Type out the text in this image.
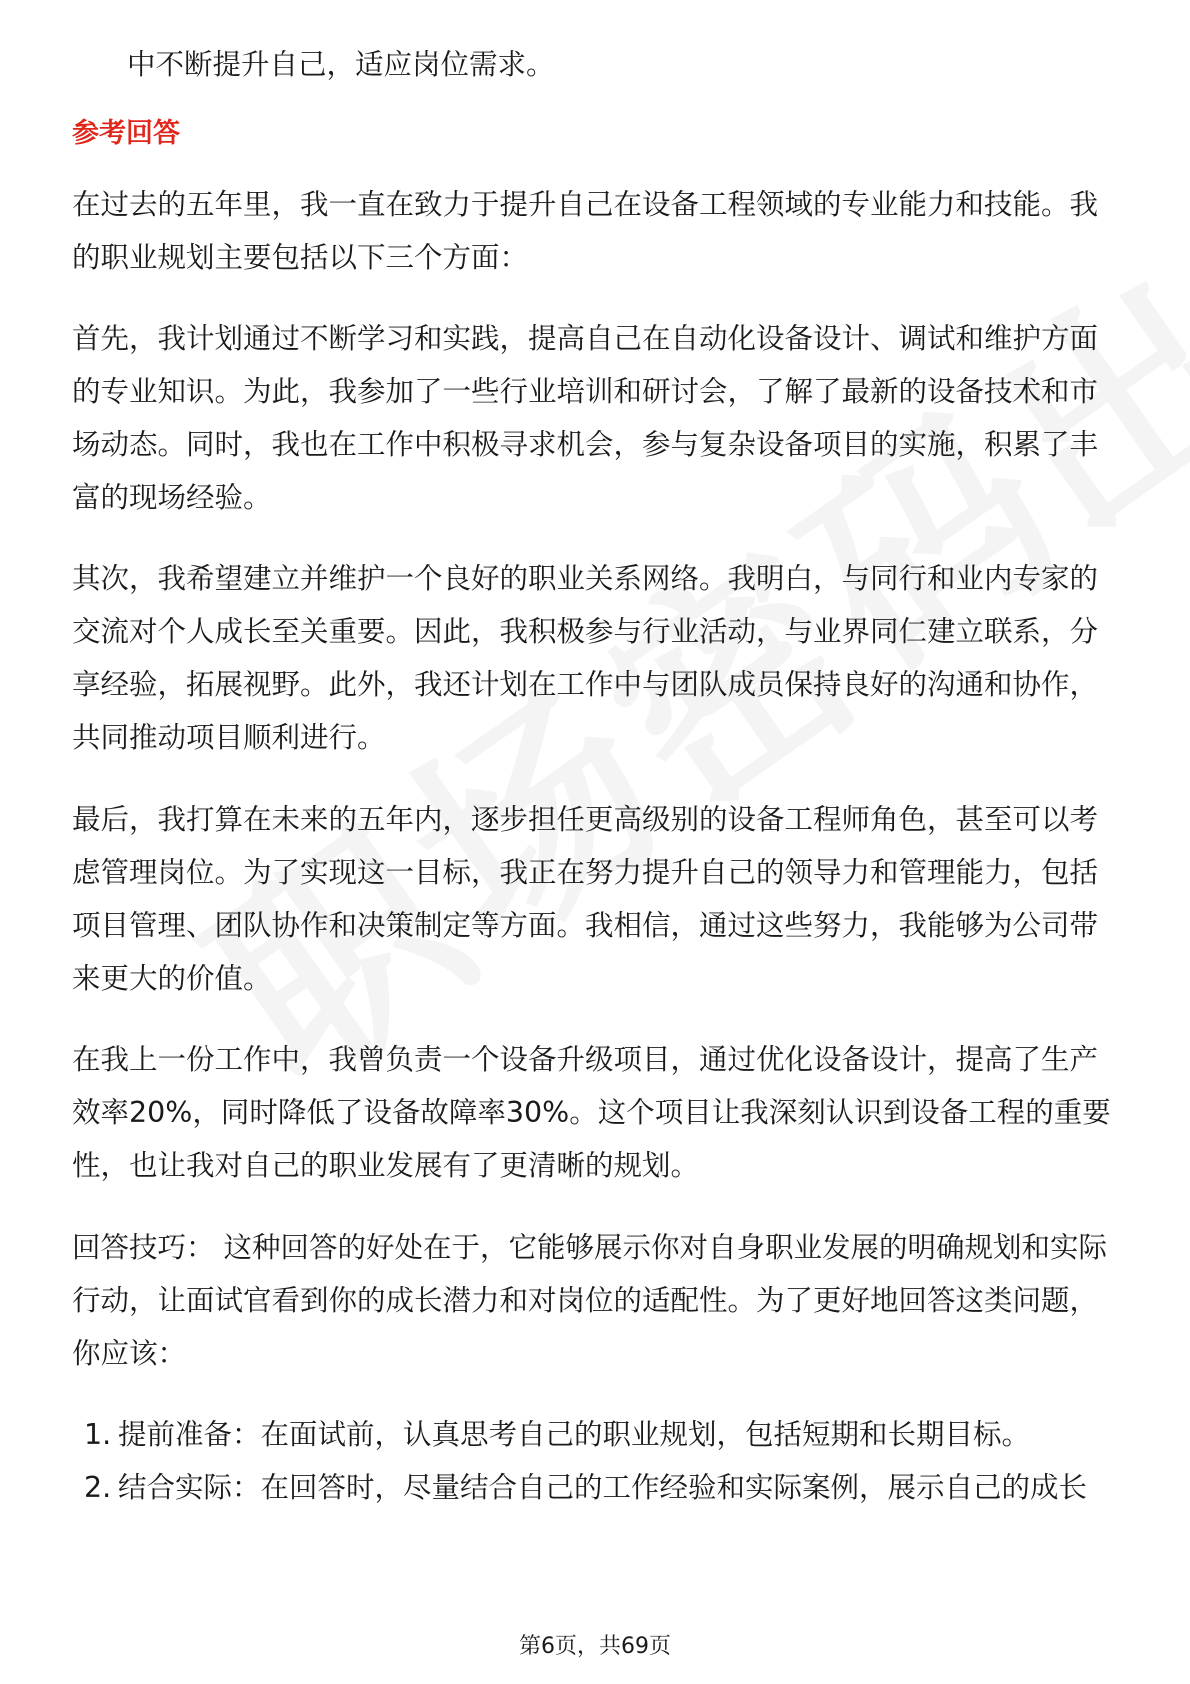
中不断提升自己，适应岗位需求。
参考回答
在过去的五年里，我一直在致力于提升自己在设备工程领域的专业能力和技能。我
的职业规划主要包括以下三个方面：
首先，我计划通过不断学习和实践，提高自己在自动化设备设计、调试和维护方面
的专业知识。为此，我参加了一些行业培训和研讨会，了解了最新的设备技术和市
场动态。同时，我也在工作中积极寻求机会，参与复杂设备项目的实施，积累了丰
富的现场经验。
其次，我希望建立并维护一个良好的职业关系网络。我明白，与同行和业内专家的
交流对个人成长至关重要。因此，我积极参与行业活动，与业界同仁建立联系，分
享经验，拓展视野。此外，我还计划在工作中与团队成员保持良好的沟通和协作，
共同推动项目顺利进行。
最后，我打算在未来的五年内，逐步担任更高级别的设备工程师角色，甚至可以考
虑管理岗位。为了实现这一目标，我正在努力提升自己的领导力和管理能力，包括
项目管理、团队协作和决策制定等方面。我相信，通过这些努力，我能够为公司带
来更大的价值。
在我上一份工作中，我曾负责一个设备升级项目，通过优化设备设计，提高了生产
效率20%，同时降低了设备故障率30%。这个项目让我深刻认识到设备工程的重要
性，也让我对自己的职业发展有了更清晰的规划。
回答技巧： 这种回答的好处在于，它能够展示你对自身职业发展的明确规划和实际
行动，让面试官看到你的成长潜力和对岗位的适配性。为了更好地回答这类问题，
你应该：
1. 提前准备：在面试前，认真思考自己的职业规划，包括短期和长期目标。
2. 结合实际：在回答时，尽量结合自己的工作经验和实际案例，展示自己的成长
第6页，共69页
